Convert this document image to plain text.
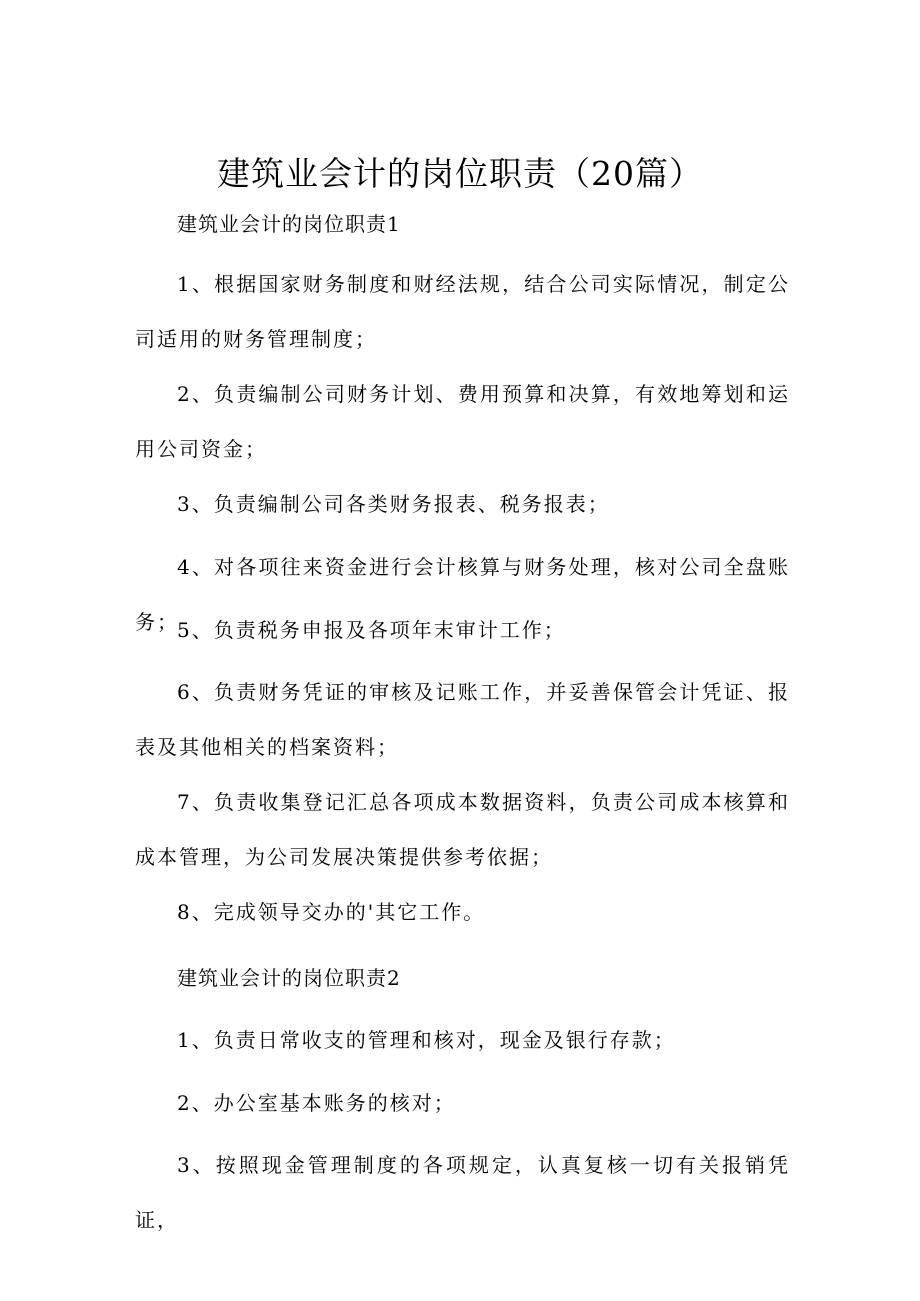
建筑业会计的岗位职责（20篇）
建筑业会计的岗位职责1
1、根据国家财务制度和财经法规，结合公司实际情况，制定公司适用的财务管理制度；
2、负责编制公司财务计划、费用预算和决算，有效地筹划和运用公司资金；
3、负责编制公司各类财务报表、税务报表；
4、对各项往来资金进行会计核算与财务处理，核对公司全盘账务；
5、负责税务申报及各项年末审计工作；
6、负责财务凭证的审核及记账工作，并妥善保管会计凭证、报表及其他相关的档案资料；
7、负责收集登记汇总各项成本数据资料，负责公司成本核算和成本管理，为公司发展决策提供参考依据；
8、完成领导交办的'其它工作。
建筑业会计的岗位职责2
1、负责日常收支的管理和核对，现金及银行存款；
2、办公室基本账务的核对；
3、按照现金管理制度的各项规定，认真复核一切有关报销凭证，
